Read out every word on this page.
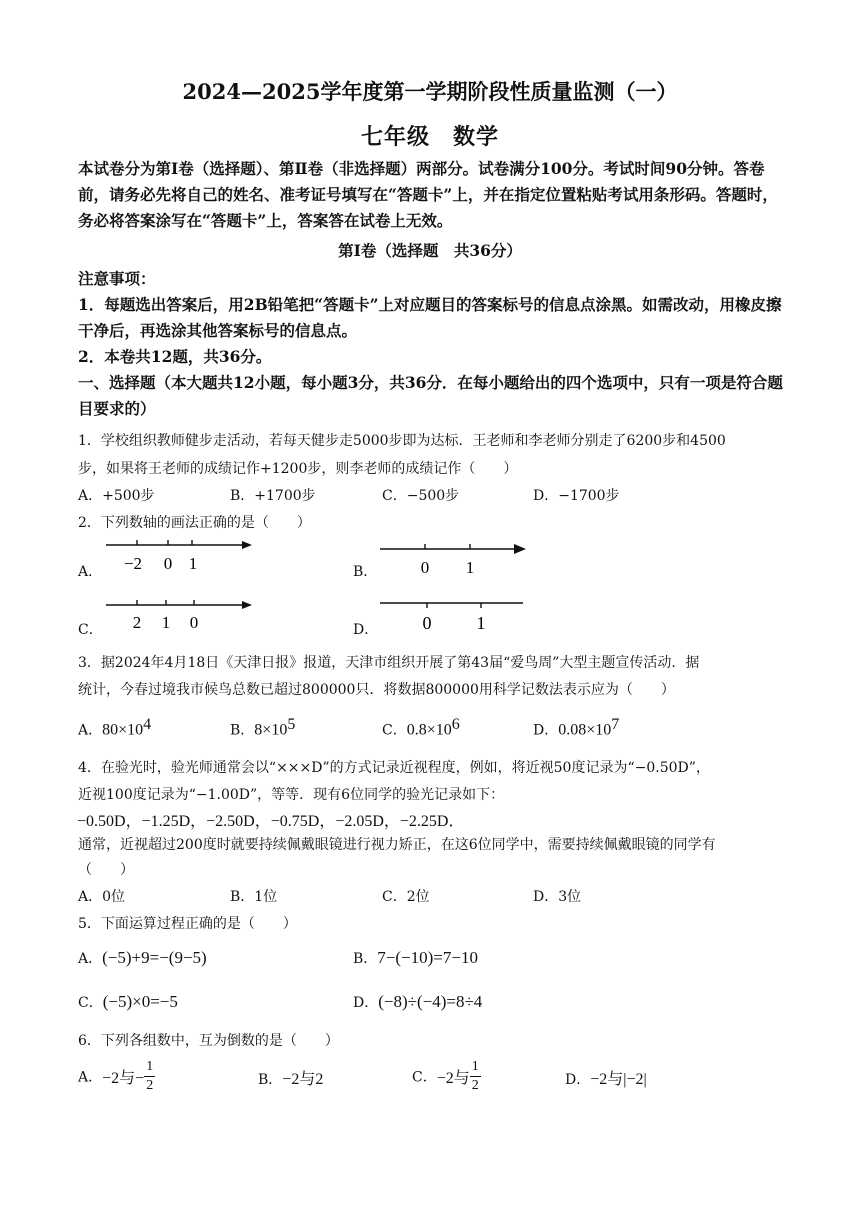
2024—2025学年度第一学期阶段性质量监测（一）
七年级　数学
本试卷分为第Ⅰ卷（选择题）、第Ⅱ卷（非选择题）两部分。试卷满分100分。考试时间90分钟。答卷前，请务必先将自己的姓名、准考证号填写在“答题卡”上，并在指定位置粘贴考试用条形码。答题时，务必将答案涂写在“答题卡”上，答案答在试卷上无效。
第Ⅰ卷（选择题　共36分）
注意事项：
1．每题选出答案后，用2B铅笔把“答题卡”上对应题目的答案标号的信息点涂黑。如需改动，用橡皮擦干净后，再选涂其他答案标号的信息点。
2．本卷共12题，共36分。
一、选择题（本大题共12小题，每小题3分，共36分．在每小题给出的四个选项中，只有一项是符合题目要求的）
1．学校组织教师健步走活动，若每天健步走5000步即为达标．王老师和李老师分别走了6200步和4500
步，如果将王老师的成绩记作+1200步，则李老师的成绩记作（　　）
A．+500步	B．+1700步	C．−500步	D．−1700步
2．下列数轴的画法正确的是（　　）
A． −2 0 1	B．	0 1
C． 2 1 0	D． 0	1
3．据2024年4月18日《天津日报》报道，天津市组织开展了第43届“爱鸟周”大型主题宣传活动．据
统计，今春过境我市候鸟总数已超过800000只．将数据800000用科学记数法表示应为（　　）
A．$80\times 10^4$	B．$8\times 10^5$	C．$0.8\times 10^6$	D．$0.08\times 10^7$
4．在验光时，验光师通常会以“×××D”的方式记录近视程度，例如，将近视50度记录为“−0.50D”，
近视100度记录为“−1.00D”，等等．现有6位同学的验光记录如下：
−0.50D，−1.25D，−2.50D，−0.75D，−2.05D，−2.25D．
通常，近视超过200度时就要持续佩戴眼镜进行视力矫正，在这6位同学中，需要持续佩戴眼镜的同学有
（　　）
A．0位	B．1位	C．2位	D．3位
5．下面运算过程正确的是（　　）
A．(−5)+9=−(9−5)	B．7−(−10)=7−10
C．(−5)×0=−5	D．(−8)÷(−4)=8÷4
6．下列各组数中，互为倒数的是（　　）
A．−2与− $\frac{1}{2}$	B．−2与2	C．−2与 $\frac{1}{2}$	D．−2与|−2|
